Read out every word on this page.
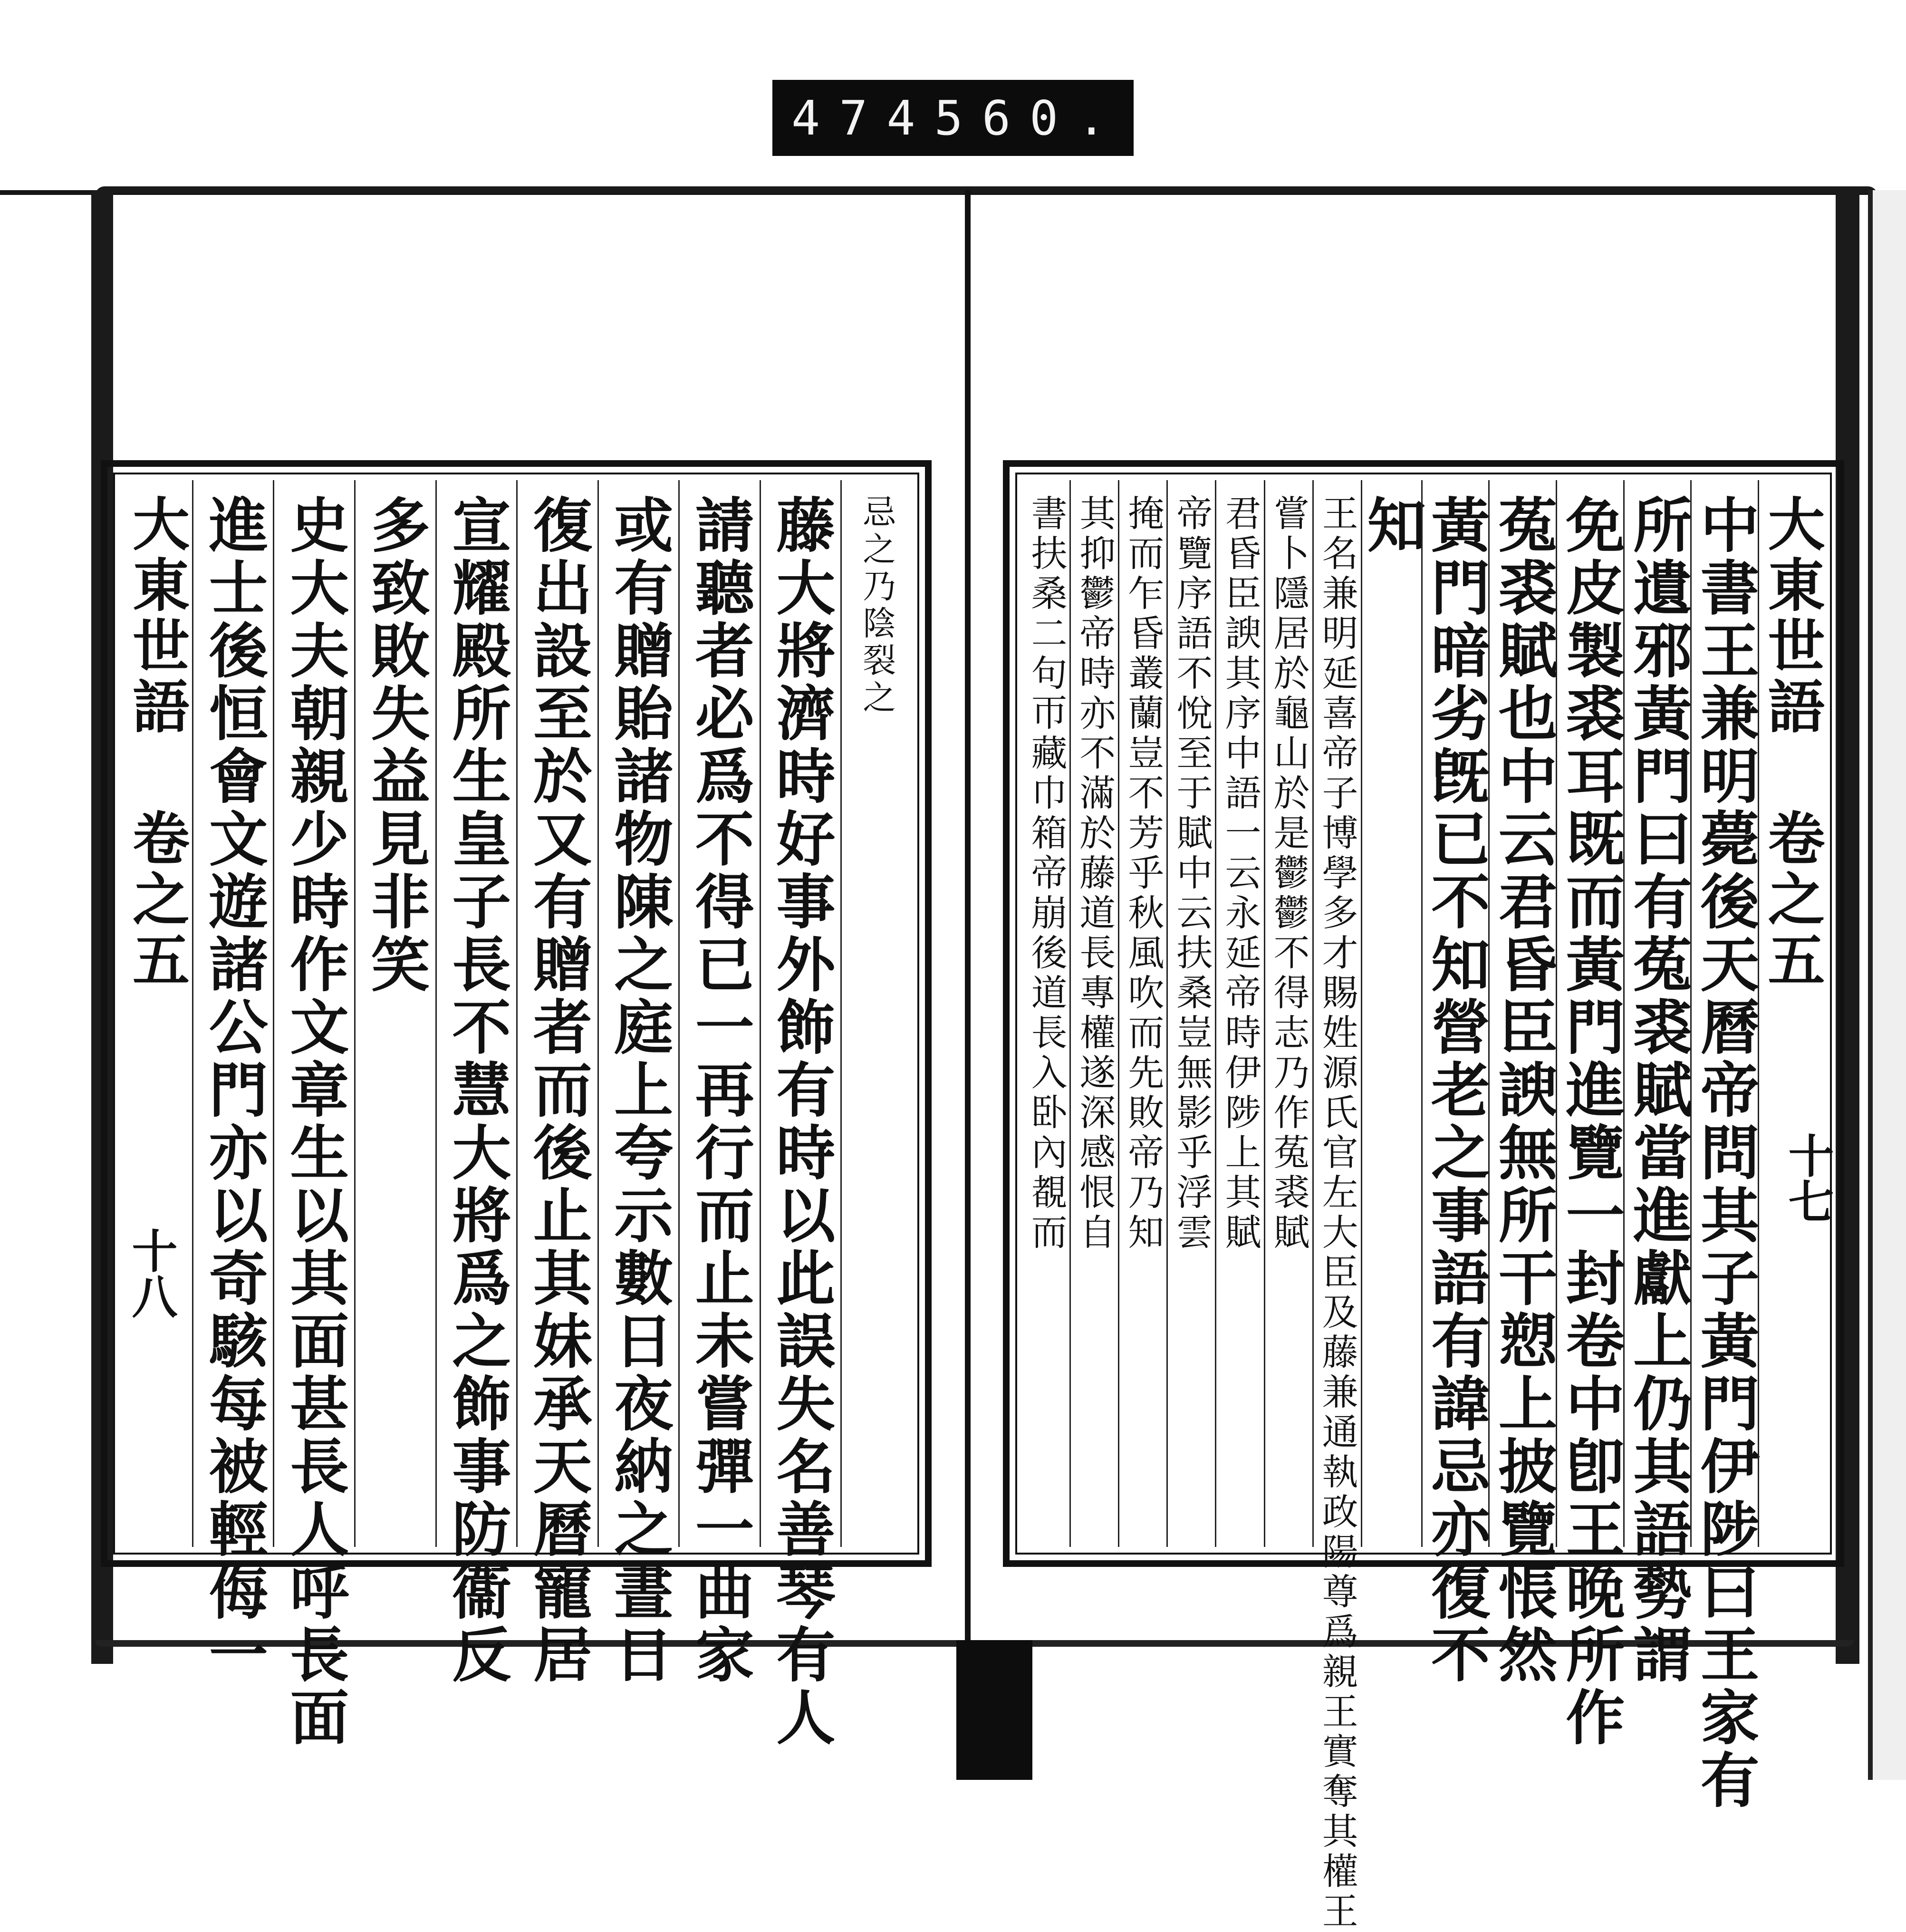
474 560.
大東世語 卷之五
中書王兼明薨後天曆帝問其子黃門伊陟曰王家有
所遺邪黃門曰有菟裘賦當進獻上仍其語勢謂
免皮製裘耳既而黃門進覽一封卷中卽王晚所作
菟裘賦也中云君昏臣諛無所干愬上披覽悵然
黃門暗劣旣已不知營老之事語有諱忌亦復不
知
王名兼明延喜帝子博學多才賜姓源氏官左大臣及藤兼通執政陽尊爲親王實奪其權王
嘗卜隱居於龜山於是鬱鬱不得志乃作菟裘賦
君昏臣諛其序中語一云永延帝時伊陟上其賦
帝覽序語不悅至于賦中云扶桑豈無影乎浮雲
掩而乍昏叢蘭豈不芳乎秋風吹而先敗帝乃知
其抑鬱帝時亦不滿於藤道長專權遂深感恨自
書扶桑二句帀藏巾箱帝崩後道長入卧內覩而	十七
忌之乃陰裂之
藤大將濟時好事外飾有時以此誤失名善琴有人
請聽者必爲不得已一再行而止未嘗彈一曲家
或有贈貽諸物陳之庭上夸示數日夜納之晝日
復出設至於又有贈者而後止其妹承天曆寵居
宣耀殿所生皇子長不慧大將爲之飾事防衞反
多致敗失益見非笑
史大夫朝親少時作文章生以其面甚長人呼長面
進士後恒會文遊諸公門亦以奇駭每被輕侮一
大東世語 卷之五
十八
